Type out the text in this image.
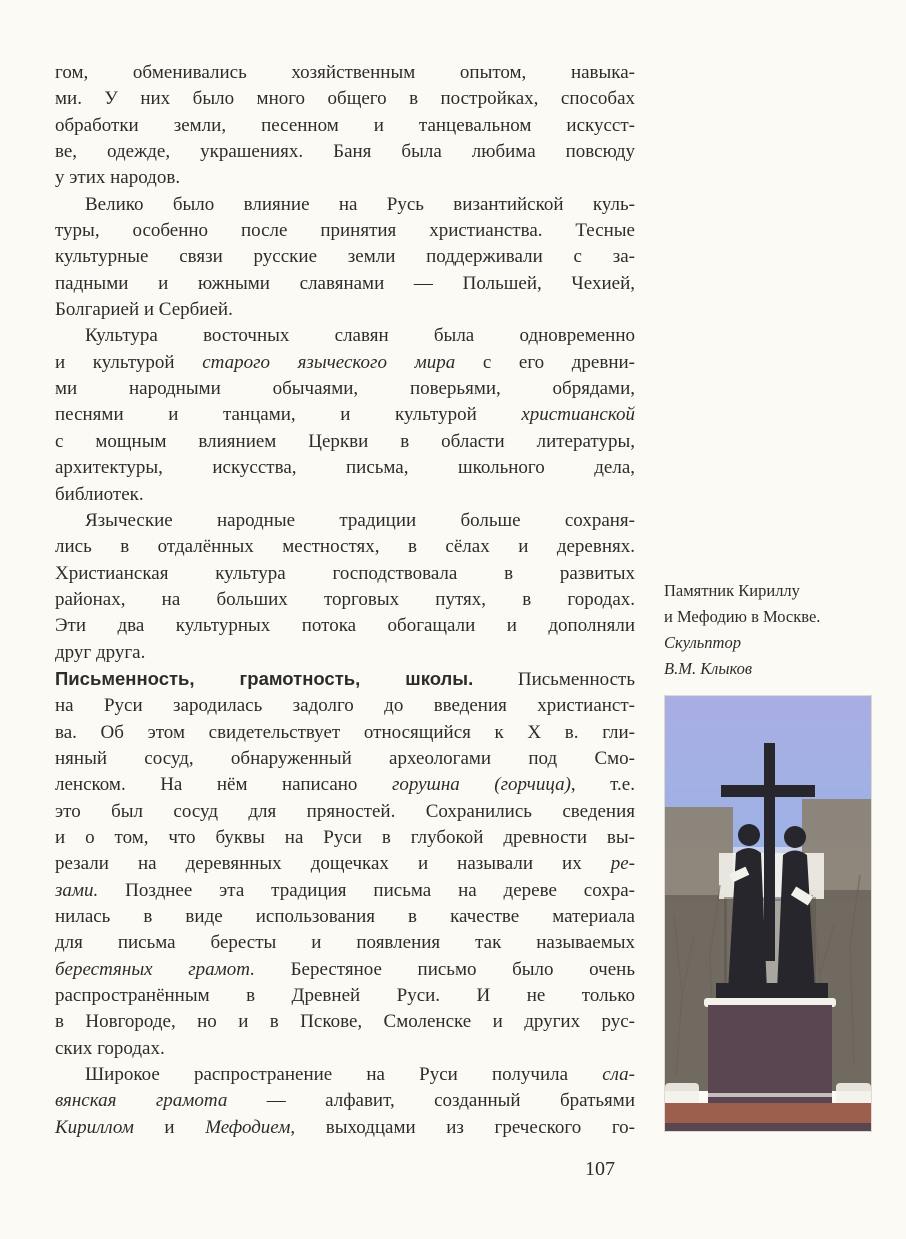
гом, обменивались хозяйственным опытом, навыка-
ми. У них было много общего в постройках, способах
обработки земли, песенном и танцевальном искусст-
ве, одежде, украшениях. Баня была любима повсюду
у этих народов.
Велико было влияние на Русь византийской куль-
туры, особенно после принятия христианства. Тесные
культурные связи русские земли поддерживали с за-
падными и южными славянами — Польшей, Чехией,
Болгарией и Сербией.
Культура восточных славян была одновременно
и культурой старого языческого мира с его древни-
ми народными обычаями, поверьями, обрядами,
песнями и танцами, и культурой христианской
с мощным влиянием Церкви в области литературы,
архитектуры, искусства, письма, школьного дела,
библиотек.
Языческие народные традиции больше сохраня-
лись в отдалённых местностях, в сёлах и деревнях.
Христианская культура господствовала в развитых
районах, на больших торговых путях, в городах.
Эти два культурных потока обогащали и дополняли
друг друга.
Письменность, грамотность, школы. Письменность
на Руси зародилась задолго до введения христианст-
ва. Об этом свидетельствует относящийся к X в. гли-
няный сосуд, обнаруженный археологами под Смо-
ленском. На нём написано горушна (горчица), т.е.
это был сосуд для пряностей. Сохранились сведения
и о том, что буквы на Руси в глубокой древности вы-
резали на деревянных дощечках и называли их ре-
зами. Позднее эта традиция письма на дереве сохра-
нилась в виде использования в качестве материала
для письма бересты и появления так называемых
берестяных грамот. Берестяное письмо было очень
распространённым в Древней Руси. И не только
в Новгороде, но и в Пскове, Смоленске и других рус-
ских городах.
Широкое распространение на Руси получила сла-
вянская грамота — алфавит, созданный братьями
Кириллом и Мефодием, выходцами из греческого го-
Памятник Кириллу
и Мефодию в Москве.
Скульптор
В.М. Клыков
107
